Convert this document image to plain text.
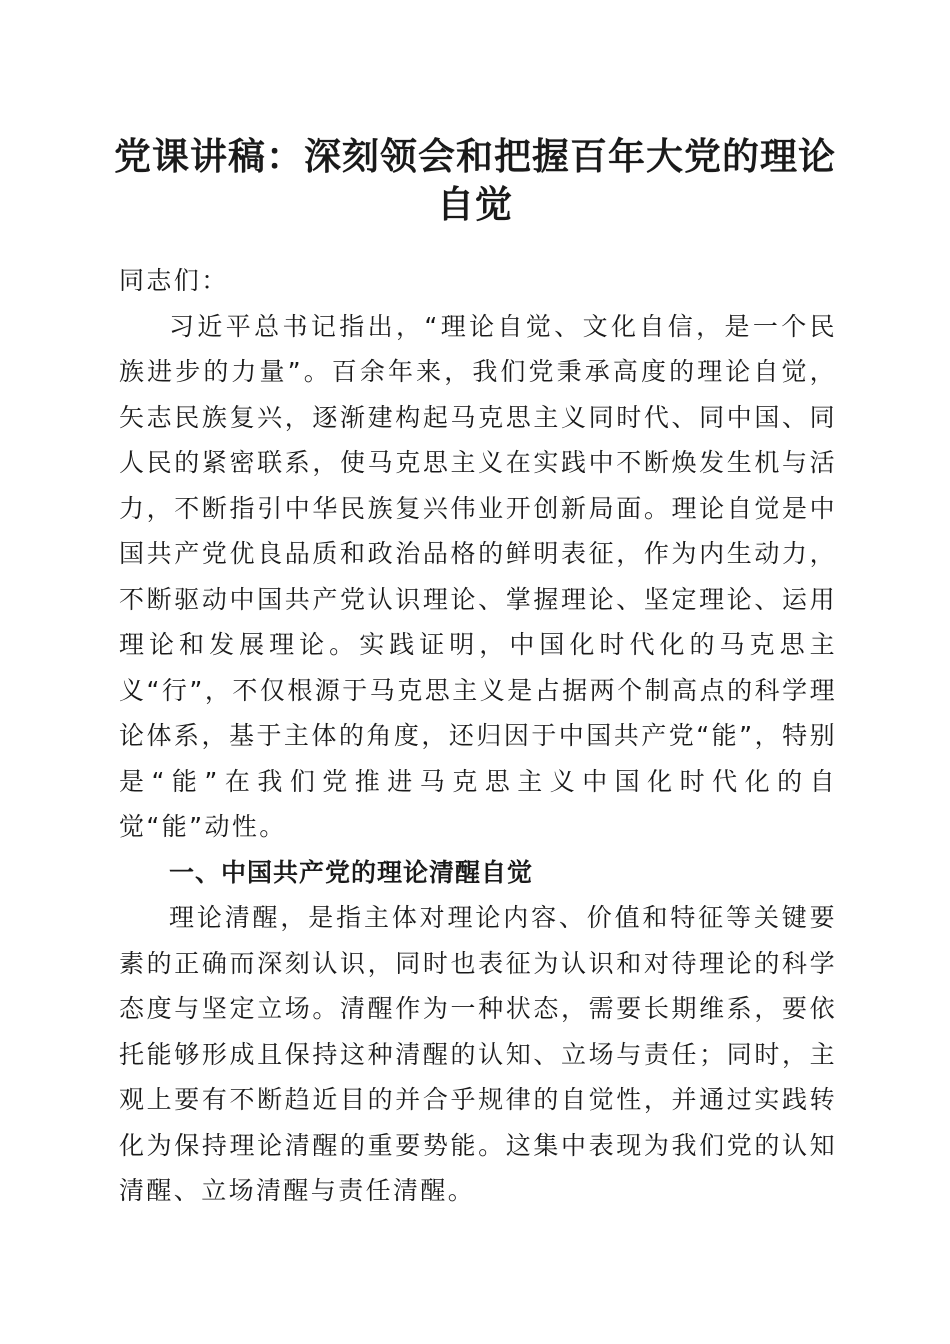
党课讲稿：深刻领会和把握百年大党的理论自觉

同志们：

习近平总书记指出，“理论自觉、文化自信，是一个民族进步的力量”。百余年来，我们党秉承高度的理论自觉，矢志民族复兴，逐渐建构起马克思主义同时代、同中国、同人民的紧密联系，使马克思主义在实践中不断焕发生机与活力，不断指引中华民族复兴伟业开创新局面。理论自觉是中国共产党优良品质和政治品格的鲜明表征，作为内生动力，不断驱动中国共产党认识理论、掌握理论、坚定理论、运用理论和发展理论。实践证明，中国化时代化的马克思主义“行”，不仅根源于马克思主义是占据两个制高点的科学理论体系，基于主体的角度，还归因于中国共产党“能”，特别是“能”在我们党推进马克思主义中国化时代化的自觉“能”动性。

一、中国共产党的理论清醒自觉

理论清醒，是指主体对理论内容、价值和特征等关键要素的正确而深刻认识，同时也表征为认识和对待理论的科学态度与坚定立场。清醒作为一种状态，需要长期维系，要依托能够形成且保持这种清醒的认知、立场与责任；同时，主观上要有不断趋近目的并合乎规律的自觉性，并通过实践转化为保持理论清醒的重要势能。这集中表现为我们党的认知清醒、立场清醒与责任清醒。
